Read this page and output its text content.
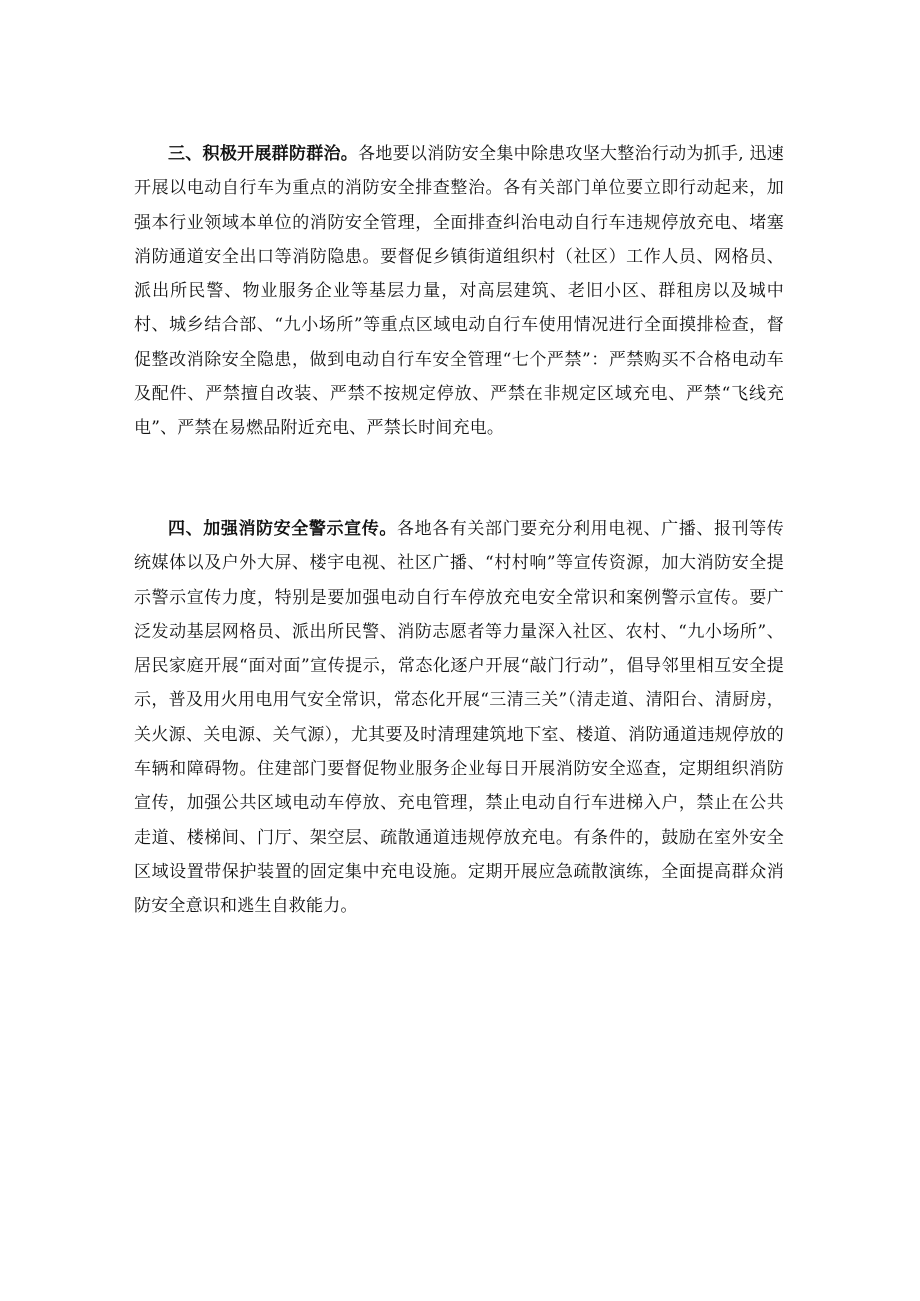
三、积极开展群防群治。各地要以消防安全集中除患攻坚大整治行动为抓手, 迅速开展以电动自行车为重点的消防安全排查整治。各有关部门单位要立即行动起来，加强本行业领域本单位的消防安全管理，全面排查纠治电动自行车违规停放充电、堵塞消防通道安全出口等消防隐患。要督促乡镇街道组织村（社区）工作人员、网格员、派出所民警、物业服务企业等基层力量，对高层建筑、老旧小区、群租房以及城中村、城乡结合部、“九小场所”等重点区域电动自行车使用情况进行全面摸排检查，督促整改消除安全隐患，做到电动自行车安全管理“七个严禁”：严禁购买不合格电动车及配件、严禁擅自改装、严禁不按规定停放、严禁在非规定区域充电、严禁“飞线充电”、严禁在易燃品附近充电、严禁长时间充电。

四、加强消防安全警示宣传。各地各有关部门要充分利用电视、广播、报刊等传统媒体以及户外大屏、楼宇电视、社区广播、“村村响”等宣传资源，加大消防安全提示警示宣传力度，特别是要加强电动自行车停放充电安全常识和案例警示宣传。要广泛发动基层网格员、派出所民警、消防志愿者等力量深入社区、农村、“九小场所”、居民家庭开展“面对面”宣传提示，常态化逐户开展“敲门行动”，倡导邻里相互安全提示，普及用火用电用气安全常识，常态化开展“三清三关”（清走道、清阳台、清厨房，关火源、关电源、关气源），尤其要及时清理建筑地下室、楼道、消防通道违规停放的车辆和障碍物。住建部门要督促物业服务企业每日开展消防安全巡查，定期组织消防宣传，加强公共区域电动车停放、充电管理，禁止电动自行车进梯入户，禁止在公共走道、楼梯间、门厅、架空层、疏散通道违规停放充电。有条件的，鼓励在室外安全区域设置带保护装置的固定集中充电设施。定期开展应急疏散演练，全面提高群众消防安全意识和逃生自救能力。
